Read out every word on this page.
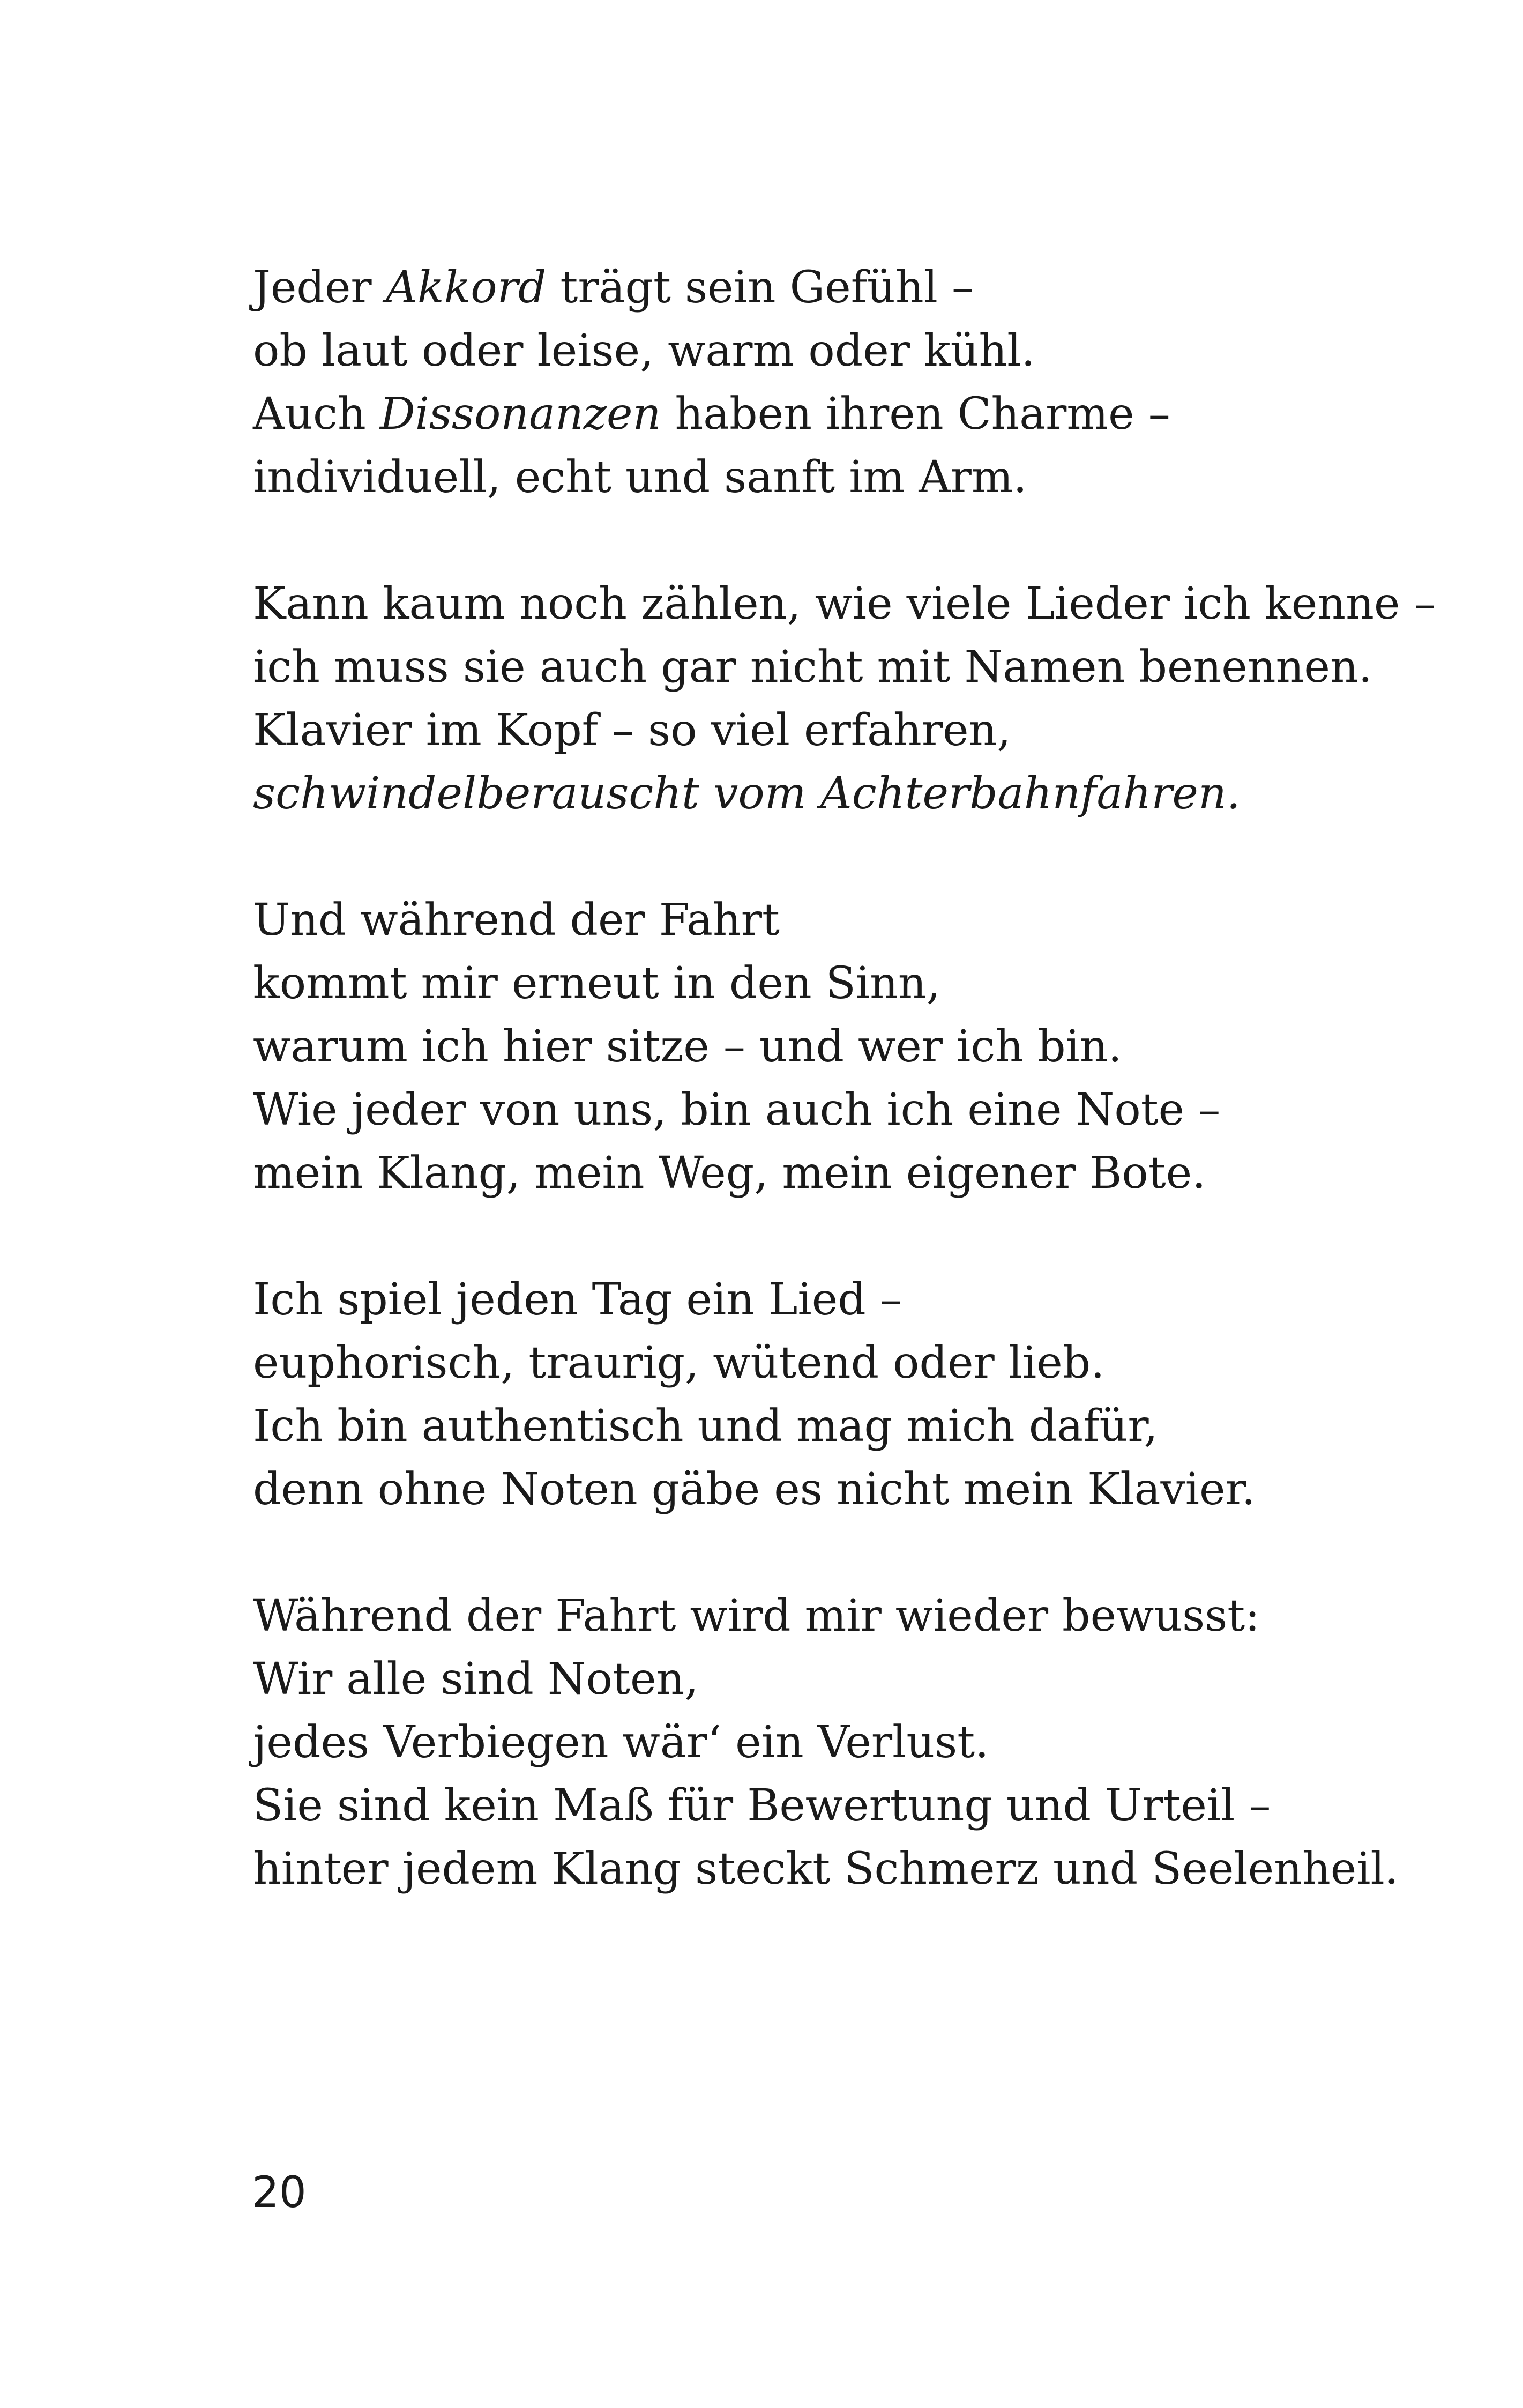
Jeder Akkord trägt sein Gefühl –
ob laut oder leise, warm oder kühl.
Auch Dissonanzen haben ihren Charme –
individuell, echt und sanft im Arm.
Kann kaum noch zählen, wie viele Lieder ich kenne –
ich muss sie auch gar nicht mit Namen benennen.
Klavier im Kopf – so viel erfahren,
schwindelberauscht vom Achterbahnfahren.
Und während der Fahrt
kommt mir erneut in den Sinn,
warum ich hier sitze – und wer ich bin.
Wie jeder von uns, bin auch ich eine Note –
mein Klang, mein Weg, mein eigener Bote.
Ich spiel jeden Tag ein Lied –
euphorisch, traurig, wütend oder lieb.
Ich bin authentisch und mag mich dafür,
denn ohne Noten gäbe es nicht mein Klavier.
Während der Fahrt wird mir wieder bewusst:
Wir alle sind Noten,
jedes Verbiegen wär‘ ein Verlust.
Sie sind kein Maß für Bewertung und Urteil –
hinter jedem Klang steckt Schmerz und Seelenheil.
20
